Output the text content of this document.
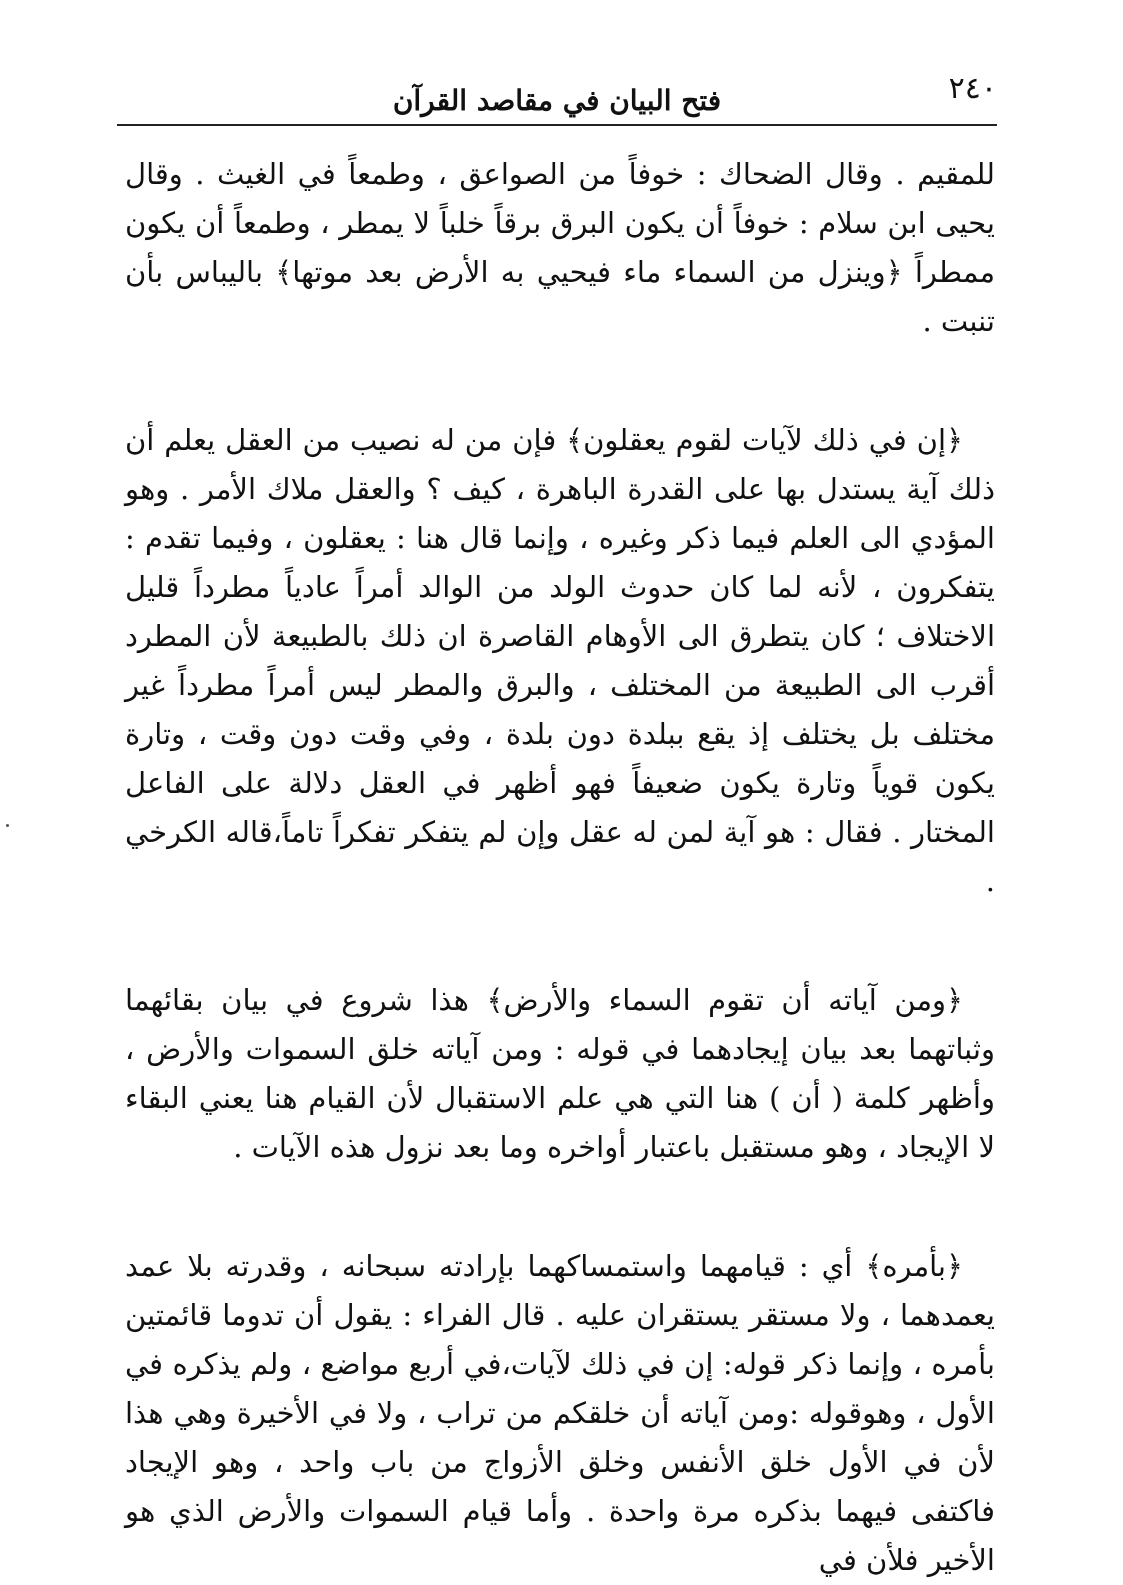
٢٤٠
فتح البيان في مقاصد القرآن

للمقيم . وقال الضحاك : خوفاً من الصواعق ، وطمعاً في الغيث . وقال يحيى ابن سلام : خوفاً أن يكون البرق برقاً خلباً لا يمطر ، وطمعاً أن يكون ممطراً ﴿وينزل من السماء ماء فيحيي به الأرض بعد موتها﴾ باليباس بأن تنبت .

﴿إن في ذلك لآيات لقوم يعقلون﴾ فإن من له نصيب من العقل يعلم أن ذلك آية يستدل بها على القدرة الباهرة ، كيف ؟ والعقل ملاك الأمر . وهو المؤدي الى العلم فيما ذكر وغيره ، وإنما قال هنا : يعقلون ، وفيما تقدم : يتفكرون ، لأنه لما كان حدوث الولد من الوالد أمراً عادياً مطرداً قليل الاختلاف ؛ كان يتطرق الى الأوهام القاصرة ان ذلك بالطبيعة لأن المطرد أقرب الى الطبيعة من المختلف ، والبرق والمطر ليس أمراً مطرداً غير مختلف بل يختلف إذ يقع ببلدة دون بلدة ، وفي وقت دون وقت ، وتارة يكون قوياً وتارة يكون ضعيفاً فهو أظهر في العقل دلالة على الفاعل المختار . فقال : هو آية لمن له عقل وإن لم يتفكر تفكراً تاماً،قاله الكرخي .

﴿ومن آياته أن تقوم السماء والأرض﴾ هذا شروع في بيان بقائهما وثباتهما بعد بيان إيجادهما في قوله : ومن آياته خلق السموات والأرض ، وأظهر كلمة ( أن ) هنا التي هي علم الاستقبال لأن القيام هنا يعني البقاء لا الإيجاد ، وهو مستقبل باعتبار أواخره وما بعد نزول هذه الآيات .

﴿بأمره﴾ أي : قيامهما واستمساكهما بإرادته سبحانه ، وقدرته بلا عمد يعمدهما ، ولا مستقر يستقران عليه . قال الفراء : يقول أن تدوما قائمتين بأمره ، وإنما ذكر قوله: إن في ذلك لآيات،في أربع مواضع ، ولم يذكره في الأول ، وهوقوله :ومن آياته أن خلقكم من تراب ، ولا في الأخيرة وهي هذا لأن في الأول خلق الأنفس وخلق الأزواج من باب واحد ، وهو الإيجاد فاكتفى فيهما بذكره مرة واحدة . وأما قيام السموات والأرض الذي هو الأخير فلأن في
